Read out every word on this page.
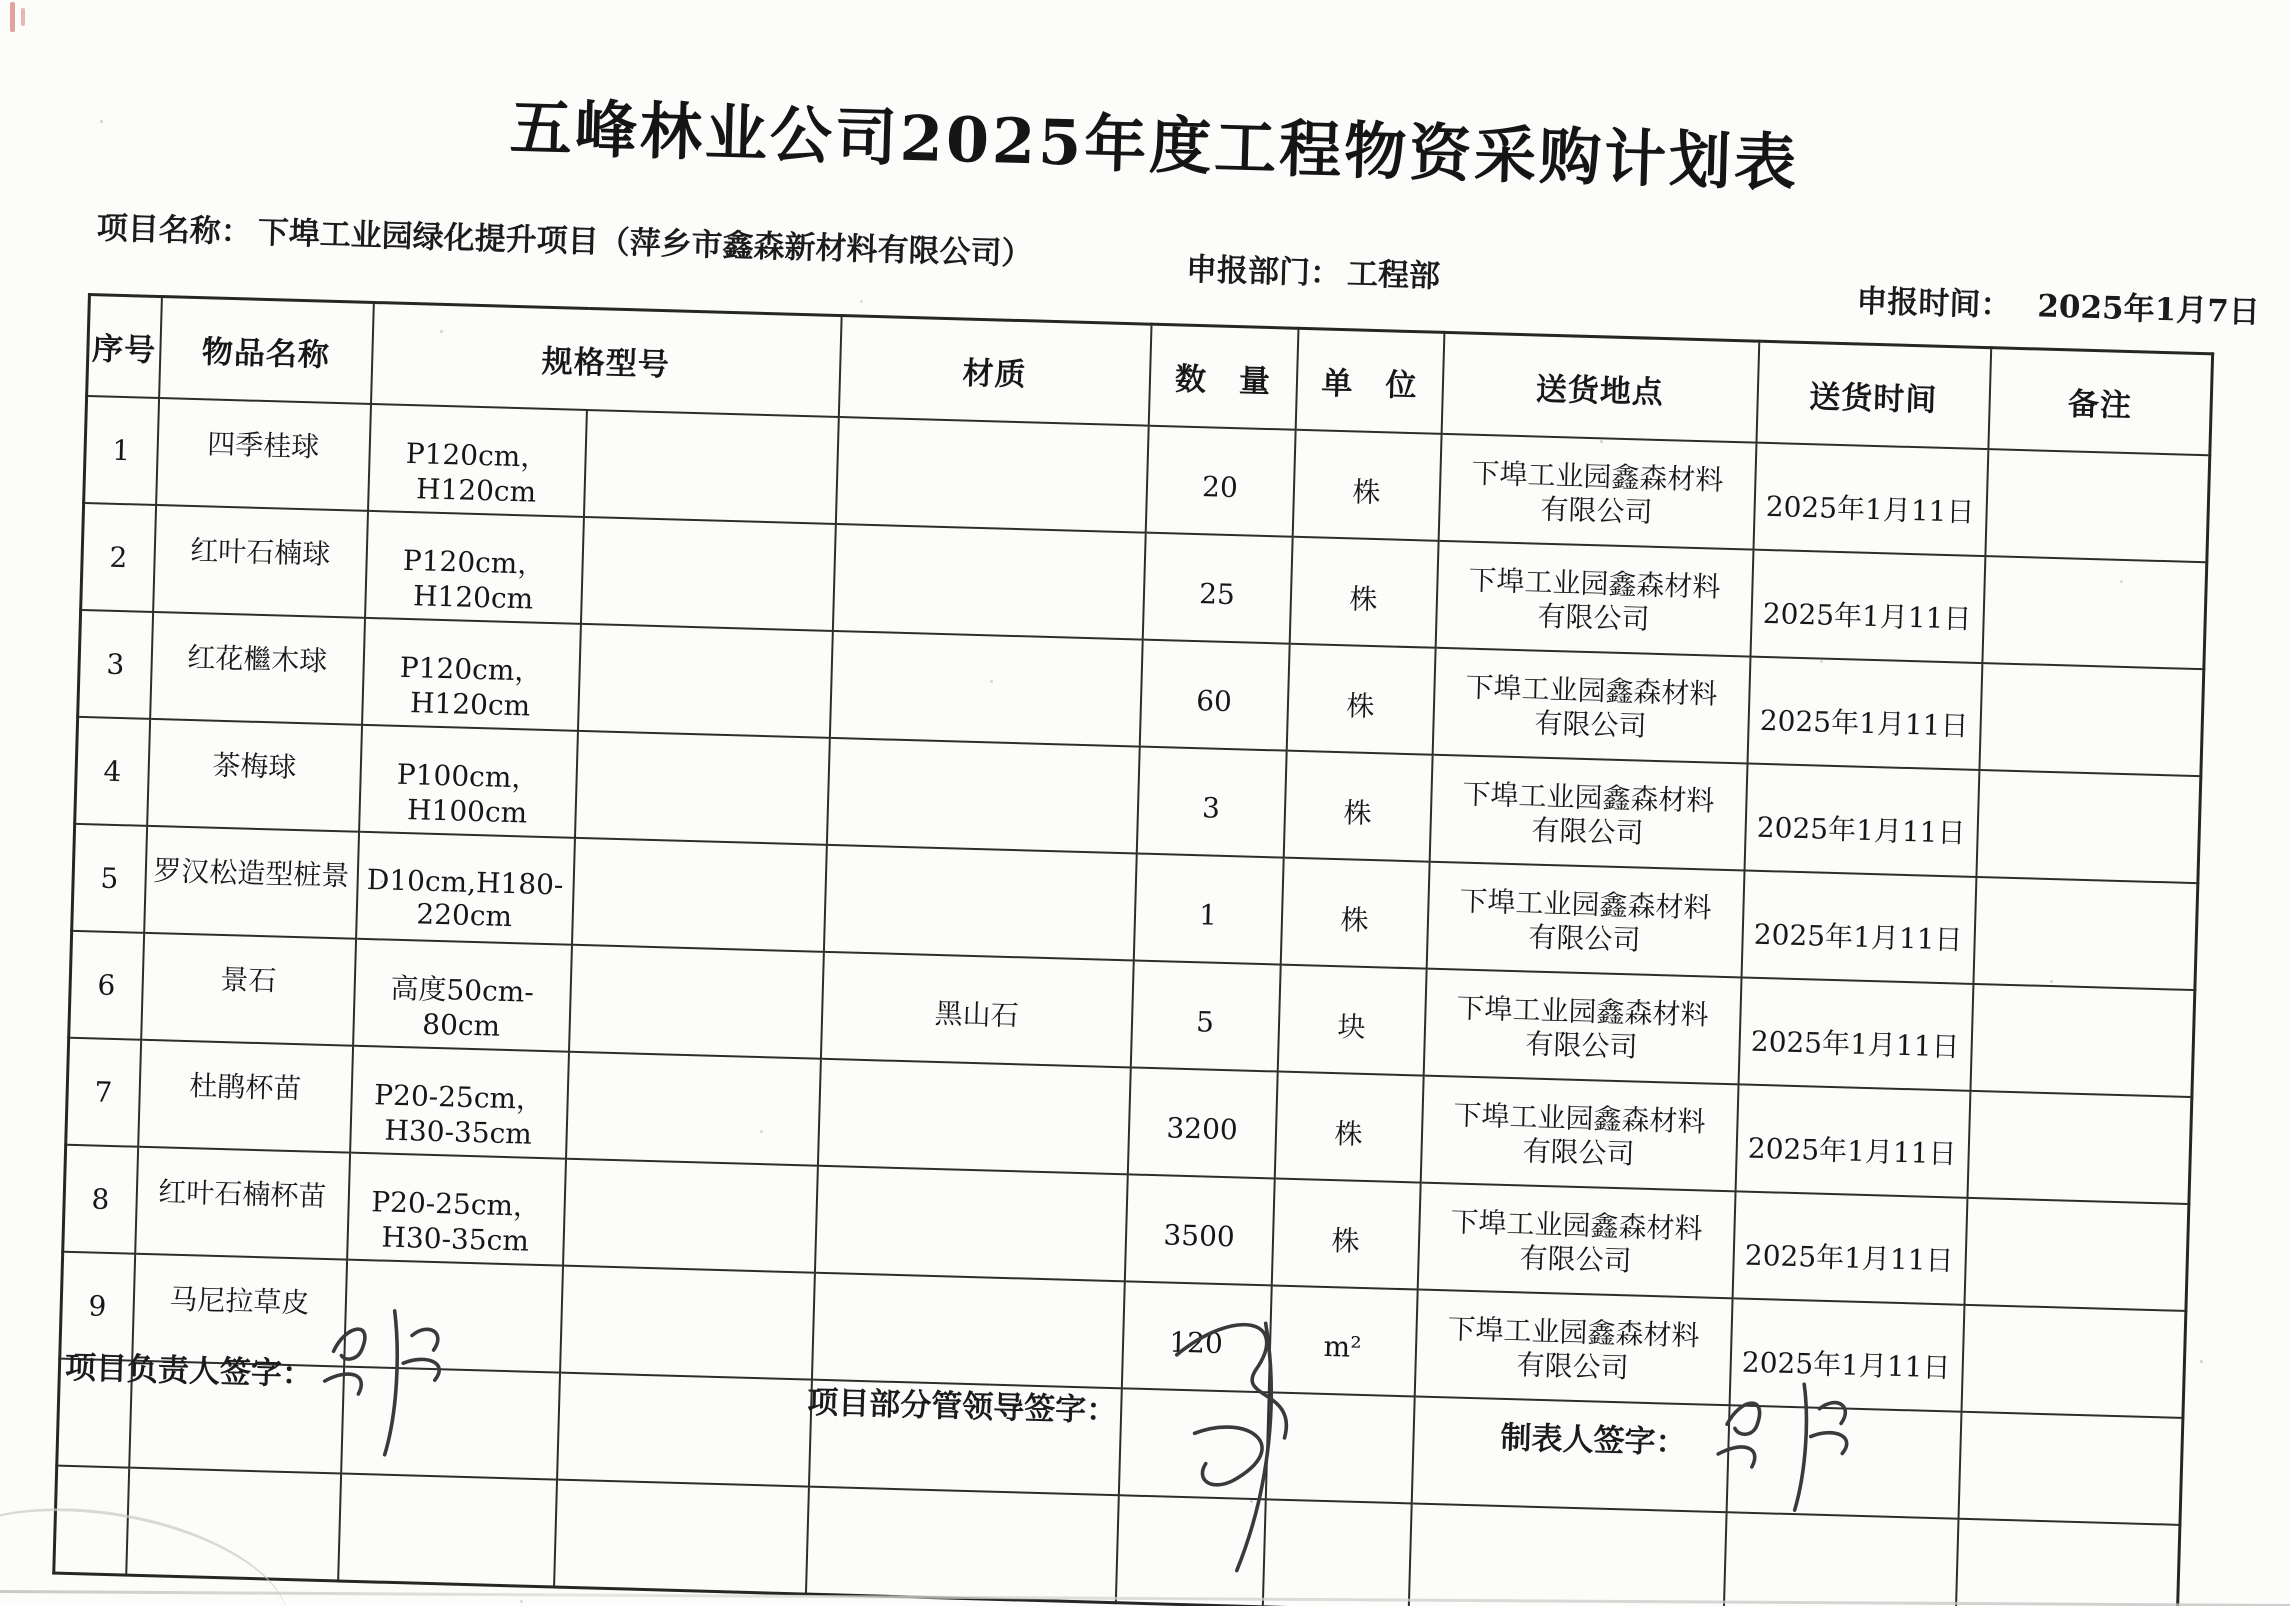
五峰林业公司2025年度工程物资采购计划表
项目名称： 下埠工业园绿化提升项目（萍乡市鑫森新材料有限公司）	申报部门： 工程部
申报时间： 2025年1月7日
序号	物品名称	规格型号		材质	数　量	单　位	送货地点	送货时间	备注
1	四季桂球	P120cm，H120cm			20	株	下埠工业园鑫森材料有限公司	2025年1月11日	
2	红叶石楠球	P120cm，H120cm			25	株	下埠工业园鑫森材料有限公司	2025年1月11日	
3	红花檵木球	P120cm，H120cm			60	株	下埠工业园鑫森材料有限公司	2025年1月11日	
4	茶梅球	P100cm，H100cm			3	株	下埠工业园鑫森材料有限公司	2025年1月11日	
5	罗汉松造型桩景	D10cm,H180-220cm			1	株	下埠工业园鑫森材料有限公司	2025年1月11日	
6	景石	高度50cm-80cm		黑山石	5	块	下埠工业园鑫森材料有限公司	2025年1月11日	
7	杜鹃杯苗	P20-25cm，H30-35cm			3200	株	下埠工业园鑫森材料有限公司	2025年1月11日	
8	红叶石楠杯苗	P20-25cm，H30-35cm			3500	株	下埠工业园鑫森材料有限公司	2025年1月11日	
9	马尼拉草皮				120	m²	下埠工业园鑫森材料有限公司	2025年1月11日	

项目负责人签字：
项目部分管领导签字：
制表人签字：
